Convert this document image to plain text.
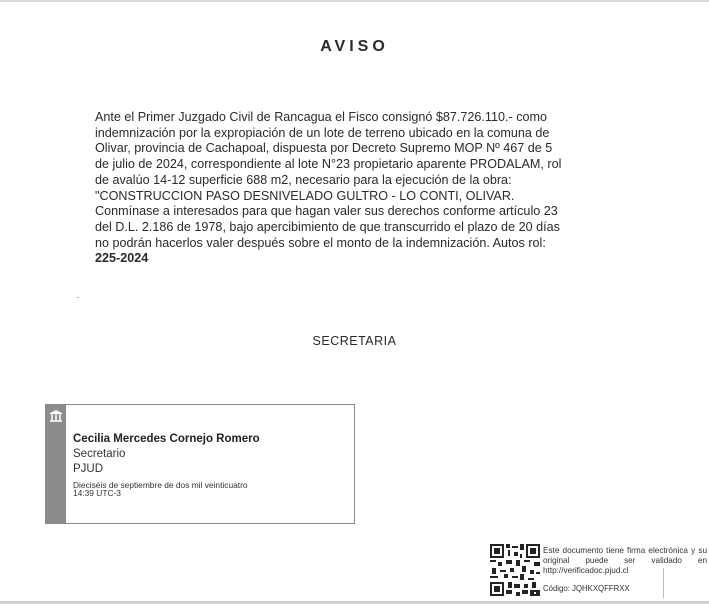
AVISO
Ante el Primer Juzgado Civil de Rancagua el Fisco consignó $87.726.110.- como
indemnización por la expropiación de un lote de terreno ubicado en la comuna de
Olivar, provincia de Cachapoal, dispuesta por Decreto Supremo MOP Nº 467 de 5
de julio de 2024, correspondiente al lote N°23 propietario aparente PRODALAM, rol
de avalúo 14-12 superficie 688 m2, necesario para la ejecución de la obra:
"CONSTRUCCION PASO DESNIVELADO GULTRO - LO CONTI, OLIVAR.
Conmínase a interesados para que hagan valer sus derechos conforme artículo 23
del D.L. 2.186 de 1978, bajo apercibimiento de que transcurrido el plazo de 20 días
no podrán hacerlos valer después sobre el monto de la indemnización. Autos rol:
225-2024
SECRETARIA
Cecilia Mercedes Cornejo Romero
Secretario
PJUD
Dieciséis de septiembre de dos mil veinticuatro
14:39 UTC-3
Este documento tiene firma electrónica y su original puede ser validado en http://verificadoc.pjud.cl
Código: JQHKXQFFRXX
